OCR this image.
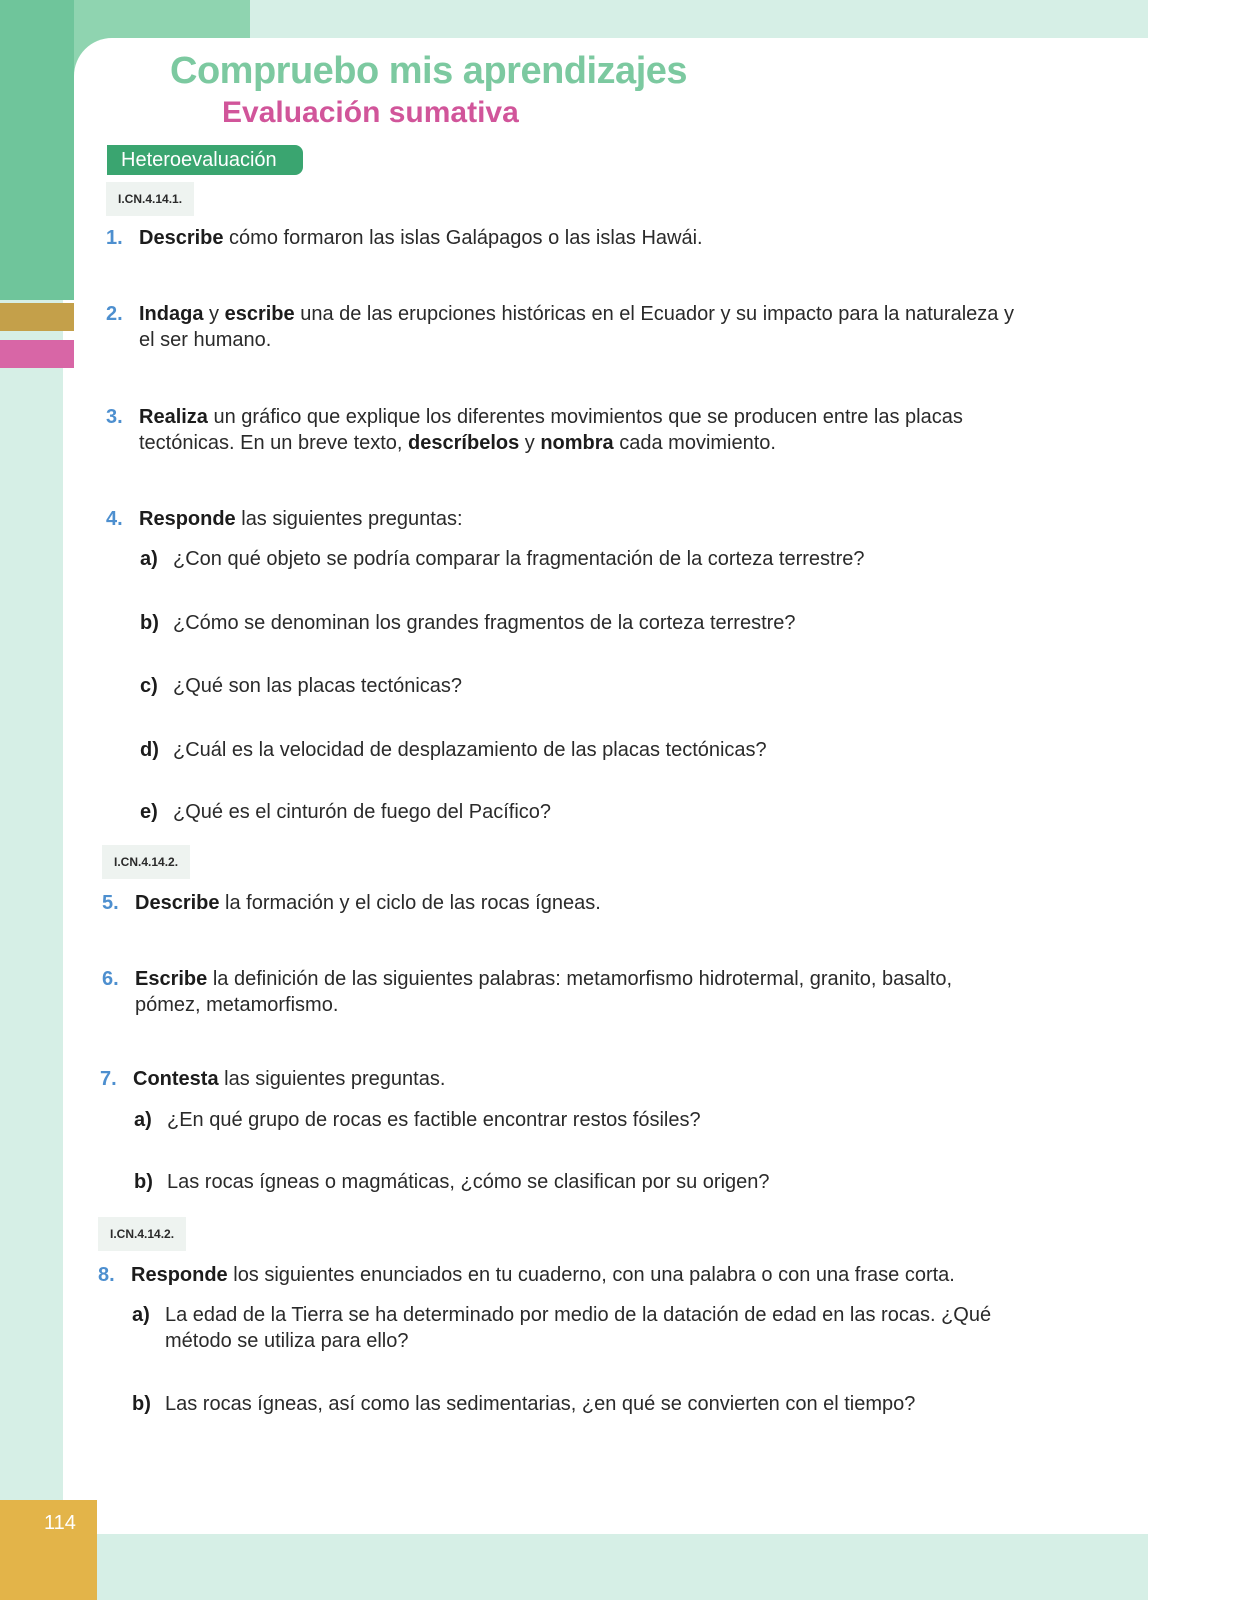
Compruebo mis aprendizajes
Evaluación sumativa
Heteroevaluación
I.CN.4.14.1.
1. Describe cómo formaron las islas Galápagos o las islas Hawái.
2. Indaga y escribe una de las erupciones históricas en el Ecuador y su impacto para la naturaleza y el ser humano.
3. Realiza un gráfico que explique los diferentes movimientos que se producen entre las placas tectónicas. En un breve texto, descríbelos y nombra cada movimiento.
4. Responde las siguientes preguntas:
a) ¿Con qué objeto se podría comparar la fragmentación de la corteza terrestre?
b) ¿Cómo se denominan los grandes fragmentos de la corteza terrestre?
c) ¿Qué son las placas tectónicas?
d) ¿Cuál es la velocidad de desplazamiento de las placas tectónicas?
e) ¿Qué es el cinturón de fuego del Pacífico?
I.CN.4.14.2.
5. Describe la formación y el ciclo de las rocas ígneas.
6. Escribe la definición de las siguientes palabras: metamorfismo hidrotermal, granito, basalto, pómez, metamorfismo.
7. Contesta las siguientes preguntas.
a) ¿En qué grupo de rocas es factible encontrar restos fósiles?
b) Las rocas ígneas o magmáticas, ¿cómo se clasifican por su origen?
I.CN.4.14.2.
8. Responde los siguientes enunciados en tu cuaderno, con una palabra o con una frase corta.
a) La edad de la Tierra se ha determinado por medio de la datación de edad en las rocas. ¿Qué método se utiliza para ello?
b) Las rocas ígneas, así como las sedimentarias, ¿en qué se convierten con el tiempo?
114
